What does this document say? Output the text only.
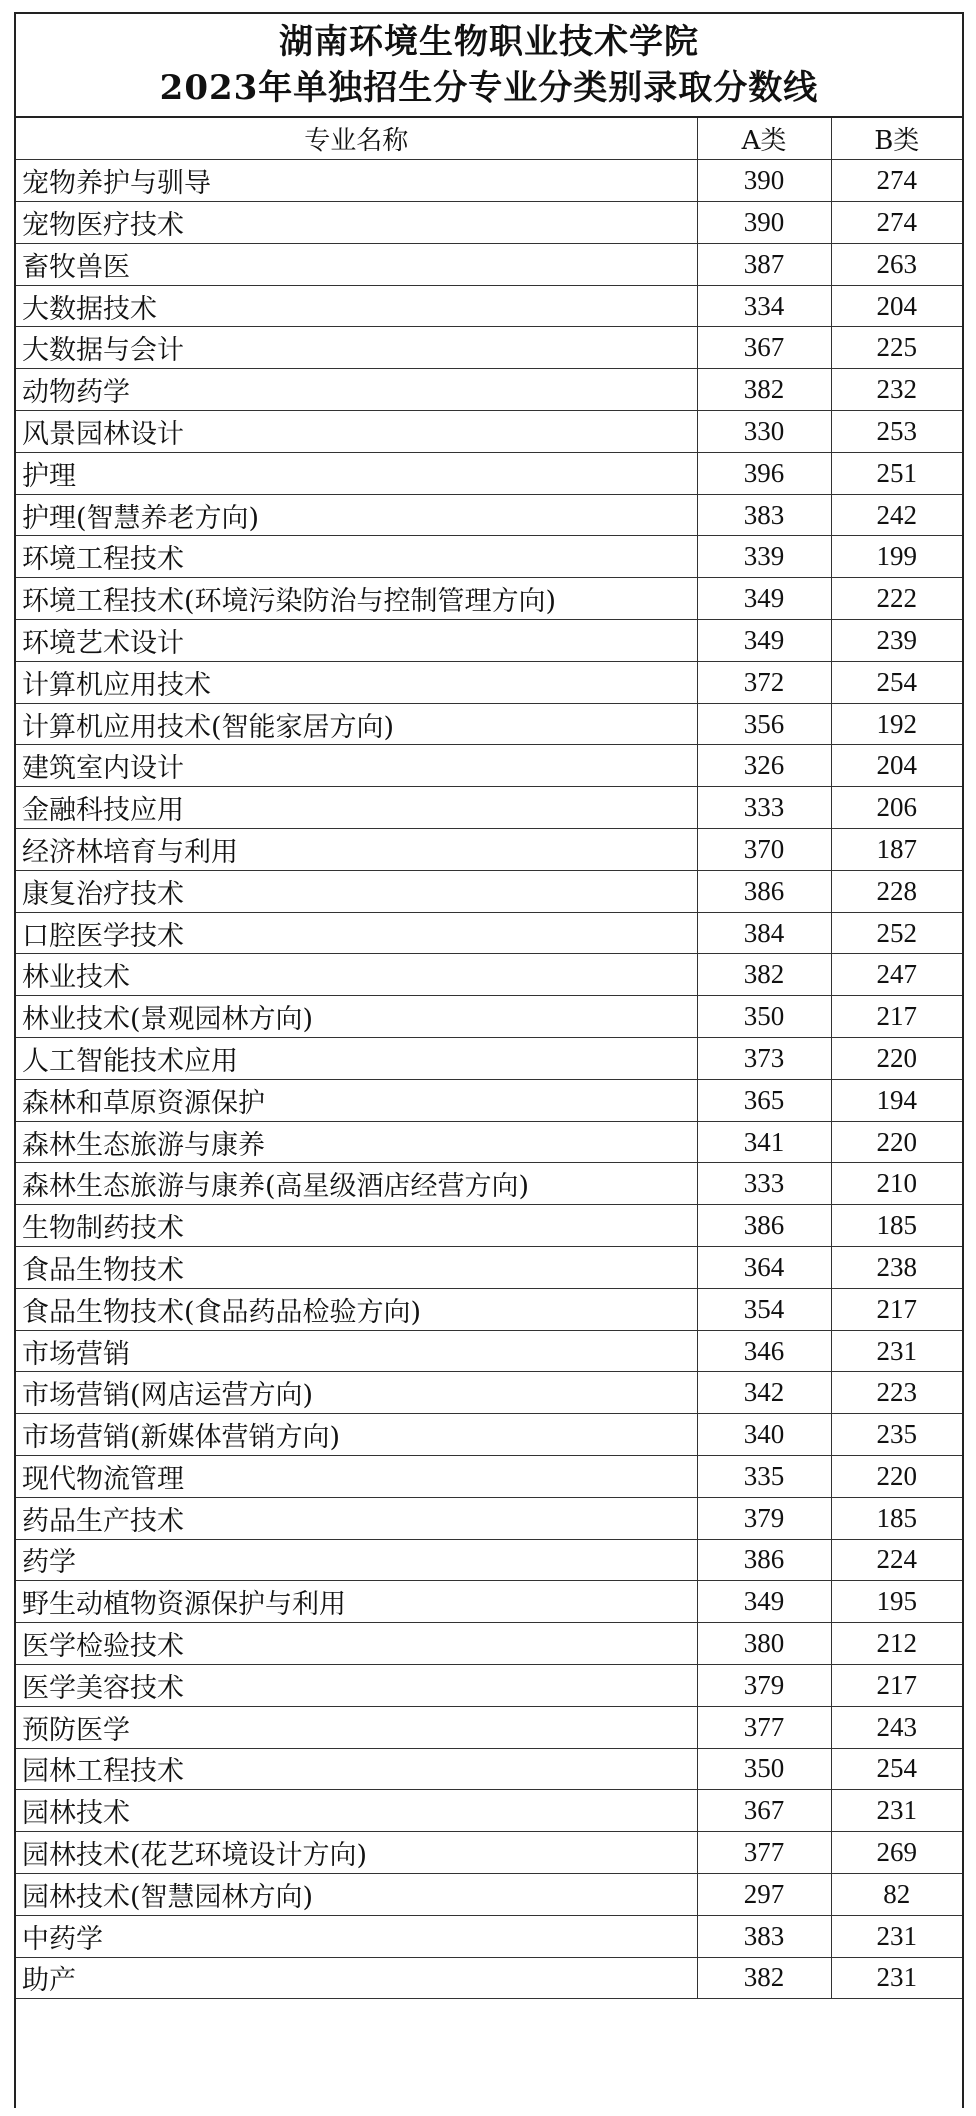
湖南环境生物职业技术学院
2023年单独招生分专业分类别录取分数线
专业名称	A类	B类
宠物养护与驯导	390	274
宠物医疗技术	390	274
畜牧兽医	387	263
大数据技术	334	204
大数据与会计	367	225
动物药学	382	232
风景园林设计	330	253
护理	396	251
护理(智慧养老方向)	383	242
环境工程技术	339	199
环境工程技术(环境污染防治与控制管理方向)	349	222
环境艺术设计	349	239
计算机应用技术	372	254
计算机应用技术(智能家居方向)	356	192
建筑室内设计	326	204
金融科技应用	333	206
经济林培育与利用	370	187
康复治疗技术	386	228
口腔医学技术	384	252
林业技术	382	247
林业技术(景观园林方向)	350	217
人工智能技术应用	373	220
森林和草原资源保护	365	194
森林生态旅游与康养	341	220
森林生态旅游与康养(高星级酒店经营方向)	333	210
生物制药技术	386	185
食品生物技术	364	238
食品生物技术(食品药品检验方向)	354	217
市场营销	346	231
市场营销(网店运营方向)	342	223
市场营销(新媒体营销方向)	340	235
现代物流管理	335	220
药品生产技术	379	185
药学	386	224
野生动植物资源保护与利用	349	195
医学检验技术	380	212
医学美容技术	379	217
预防医学	377	243
园林工程技术	350	254
园林技术	367	231
园林技术(花艺环境设计方向)	377	269
园林技术(智慧园林方向)	297	82
中药学	383	231
助产	382	231
